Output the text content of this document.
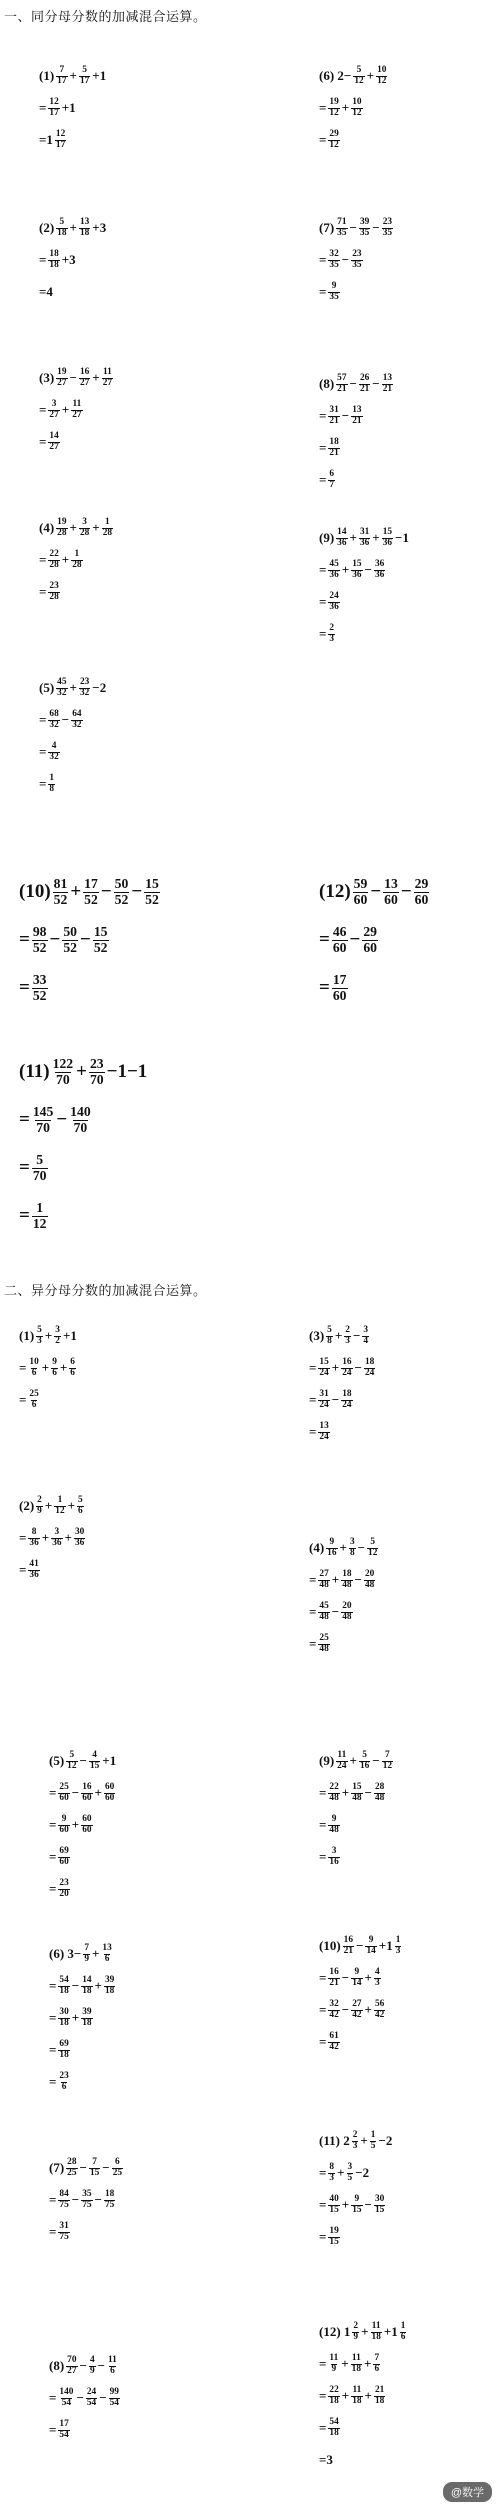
一、同分母分数的加减混合运算。
二、异分母分数的加减混合运算。
$(1) \frac{7}{17} + \frac{5}{17} +1$
= $\frac{12}{17} +1$
$=1 \frac{12}{17}$
(6) $2- \frac{5}{12} + \frac{10}{12}$
= $\frac{19}{12} + \frac{10}{12}$
= $\frac{29}{12}$
$(2) \frac{5}{18} + \frac{13}{18} +3$
= $\frac{18}{18} +3$
=4
$(7) \frac{71}{35} - \frac{39}{35} - \frac{23}{35}$
= $\frac{32}{35} - \frac{23}{35}$
= $\frac{9}{35}$
$(3) \frac{19}{27} - \frac{16}{27} + \frac{11}{27}$
= $\frac{3}{27} + \frac{11}{27}$
= $\frac{14}{27}$
$(8) \frac{57}{21} - \frac{26}{21} - \frac{13}{21}$
= $\frac{31}{21} - \frac{13}{21}$
= $\frac{18}{21}$
= $\frac{6}{7}$
$(4) \frac{19}{28} + \frac{3}{28} + \frac{1}{28}$
= $\frac{22}{28} + \frac{1}{28}$
= $\frac{23}{28}$
$(9) \frac{14}{36} + \frac{31}{36} + \frac{15}{36} -1$
= $\frac{45}{36} + \frac{15}{36} - \frac{36}{36}$
= $\frac{24}{36}$
= $\frac{2}{3}$
$(5) \frac{45}{32} + \frac{23}{32} -2$
= $\frac{68}{32} - \frac{64}{32}$
= $\frac{4}{32}$
= $\frac{1}{8}$
$(10) \frac{81}{52} + \frac{17}{52} - \frac{50}{52} - \frac{15}{52}$
= $\frac{98}{52} - \frac{50}{52} - \frac{15}{52}$
= $\frac{33}{52}$
$(12) \frac{59}{60} - \frac{13}{60} - \frac{29}{60}$
= $\frac{46}{60} - \frac{29}{60}$
= $\frac{17}{60}$
$(11) \frac{122}{70} + \frac{23}{70} -1-1$
= $\frac{145}{70} - \frac{140}{70}$
= $\frac{5}{70}$
= $\frac{1}{12}$
$(1) \frac{5}{3} + \frac{3}{2} +1$
= $\frac{10}{6} + \frac{9}{6} + \frac{6}{6}$
= $\frac{25}{6}$
$(3) \frac{5}{8} + \frac{2}{3} - \frac{3}{4}$
= $\frac{15}{24} + \frac{16}{24} - \frac{18}{24}$
= $\frac{31}{24} - \frac{18}{24}$
= $\frac{13}{24}$
$(2) \frac{2}{9} + \frac{1}{12} + \frac{5}{6}$
= $\frac{8}{36} + \frac{3}{36} + \frac{30}{36}$
= $\frac{41}{36}$
$(4) \frac{9}{16} + \frac{3}{8} - \frac{5}{12}$
= $\frac{27}{48} + \frac{18}{48} - \frac{20}{48}$
= $\frac{45}{48} - \frac{20}{48}$
= $\frac{25}{48}$
$(5) \frac{5}{12} - \frac{4}{15} +1$
= $\frac{25}{60} - \frac{16}{60} + \frac{60}{60}$
= $\frac{9}{60} + \frac{60}{60}$
= $\frac{69}{60}$
= $\frac{23}{20}$
$(9) \frac{11}{24} + \frac{5}{16} - \frac{7}{12}$
= $\frac{22}{48} + \frac{15}{48} - \frac{28}{48}$
= $\frac{9}{48}$
= $\frac{3}{16}$
$(10) \frac{16}{21} - \frac{9}{14} +1 \frac{1}{3}$
= $\frac{16}{21} - \frac{9}{14} + \frac{4}{3}$
= $\frac{32}{42} - \frac{27}{42} + \frac{56}{42}$
= $\frac{61}{42}$
(6) $3- \frac{7}{9} + \frac{13}{6}$
= $\frac{54}{18} - \frac{14}{18} + \frac{39}{18}$
= $\frac{30}{18} + \frac{39}{18}$
= $\frac{69}{18}$
= $\frac{23}{6}$
(11) $2 \frac{2}{3} + \frac{1}{5} -2$
= $\frac{8}{3} + \frac{3}{5} -2$
= $\frac{40}{15} + \frac{9}{15} - \frac{30}{15}$
= $\frac{19}{15}$
$(7) \frac{28}{25} - \frac{7}{15} - \frac{6}{25}$
= $\frac{84}{75} - \frac{35}{75} - \frac{18}{75}$
= $\frac{31}{75}$
(12) $1 \frac{2}{9} + \frac{11}{18} +1 \frac{1}{6}$
= $\frac{11}{9} + \frac{11}{18} + \frac{7}{6}$
= $\frac{22}{18} + \frac{11}{18} + \frac{21}{18}$
= $\frac{54}{18}$
=3
$(8) \frac{70}{27} - \frac{4}{9} - \frac{11}{6}$
= $\frac{140}{54} - \frac{24}{54} - \frac{99}{54}$
= $\frac{17}{54}$
@数学
